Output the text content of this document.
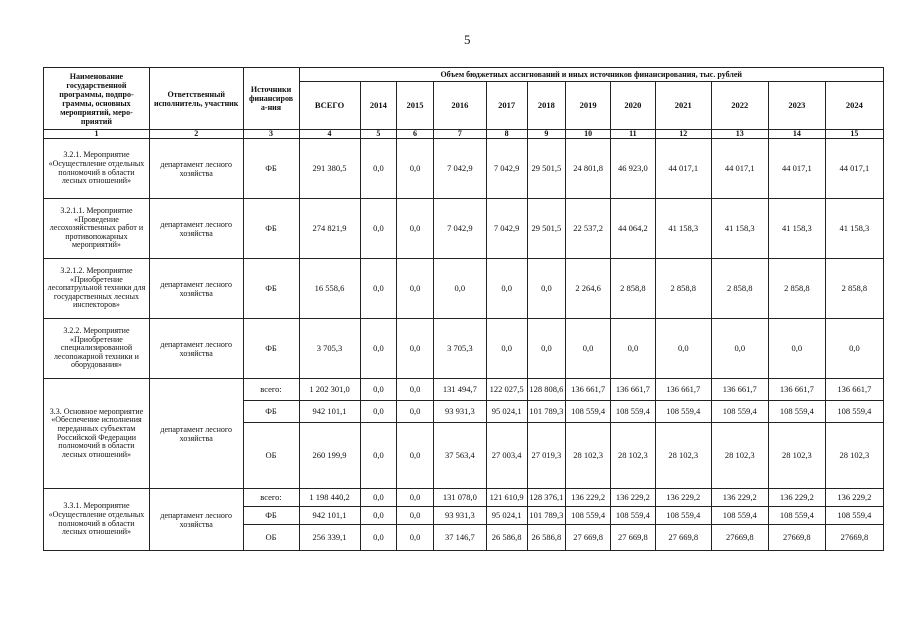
5
Наименование государственной программы, подпро-граммы, основных мероприятий, меро-приятий	Ответственный исполнитель, участник	Источники финансиров а-ния	Объем бюджетных ассигнований и иных источников финансирования, тыс. рублей											
			ВСЕГО	2014	2015	2016	2017	2018	2019	2020	2021	2022	2023	2024
1	2	3	4	5	6	7	8	9	10	11	12	13	14	15
3.2.1. Мероприятие «Осуществление отдельных полномочий в области лесных отношений»	департамент лесного хозяйства	ФБ	291 380,5	0,0	0,0	7 042,9	7 042,9	29 501,5	24 801,8	46 923,0	44 017,1	44 017,1	44 017,1	44 017,1
3.2.1.1. Мероприятие «Проведение лесохозяйственных работ и противопожарных мероприятий»	департамент лесного хозяйства	ФБ	274 821,9	0,0	0,0	7 042,9	7 042,9	29 501,5	22 537,2	44 064,2	41 158,3	41 158,3	41 158,3	41 158,3
3.2.1.2. Мероприятие «Приобретение лесопатрульной техники для государственных лесных инспекторов»	департамент лесного хозяйства	ФБ	16 558,6	0,0	0,0	0,0	0,0	0,0	2 264,6	2 858,8	2 858,8	2 858,8	2 858,8	2 858,8
3.2.2. Мероприятие «Приобретение специализированной лесопожарной техники и оборудования»	департамент лесного хозяйства	ФБ	3 705,3	0,0	0,0	3 705,3	0,0	0,0	0,0	0,0	0,0	0,0	0,0	0,0
3.3. Основное мероприятие «Обеспечение исполнения переданных субъектам Российской Федерации полномочий в области лесных отношений»	департамент лесного хозяйства	всего:	1 202 301,0	0,0	0,0	131 494,7	122 027,5	128 808,6	136 661,7	136 661,7	136 661,7	136 661,7	136 661,7	136 661,7
		ФБ	942 101,1	0,0	0,0	93 931,3	95 024,1	101 789,3	108 559,4	108 559,4	108 559,4	108 559,4	108 559,4	108 559,4
		ОБ	260 199,9	0,0	0,0	37 563,4	27 003,4	27 019,3	28 102,3	28 102,3	28 102,3	28 102,3	28 102,3	28 102,3
3.3.1. Мероприятие «Осуществление отдельных полномочий в области лесных отношений»	департамент лесного хозяйства	всего:	1 198 440,2	0,0	0,0	131 078,0	121 610,9	128 376,1	136 229,2	136 229,2	136 229,2	136 229,2	136 229,2	136 229,2
		ФБ	942 101,1	0,0	0,0	93 931,3	95 024,1	101 789,3	108 559,4	108 559,4	108 559,4	108 559,4	108 559,4	108 559,4
		ОБ	256 339,1	0,0	0,0	37 146,7	26 586,8	26 586,8	27 669,8	27 669,8	27 669,8	27669,8	27669,8	27669,8
